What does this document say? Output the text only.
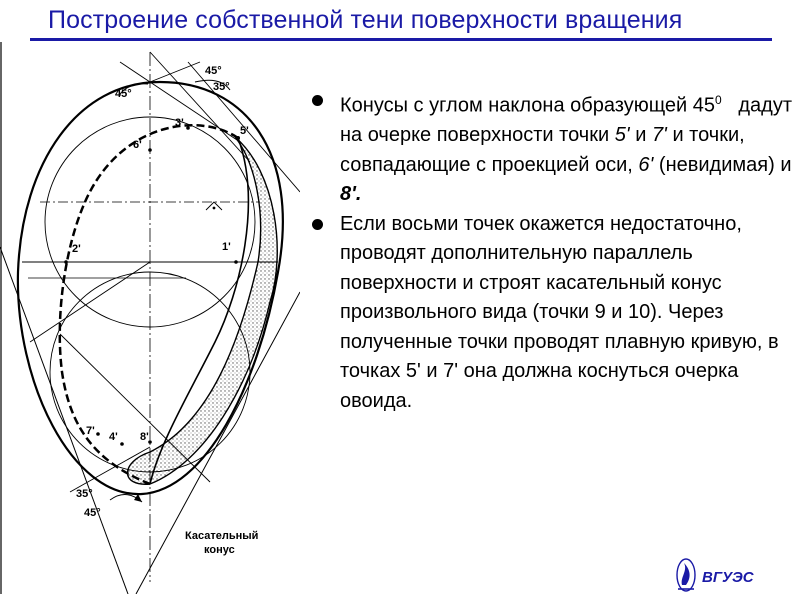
Построение собственной тени поверхности вращения
45°
35°
45°
3'
5'
6'
1'
2'
7' 4' 8'
35°
45°
Касательный
конус
Конусы с углом наклона образующей $45^0$ дадут на очерке поверхности точки 5' и 7' и точки, совпадающие с проекцией оси, 6' (невидимая) и 8'.
Если восьми точек окажется недостаточно, проводят дополнительную параллель поверхности и строят касательный конус произвольного вида (точки 9 и 10). Через полученные точки проводят плавную кривую, в точках 5' и 7' она должна коснуться очерка овоида.
ВГУЭС
